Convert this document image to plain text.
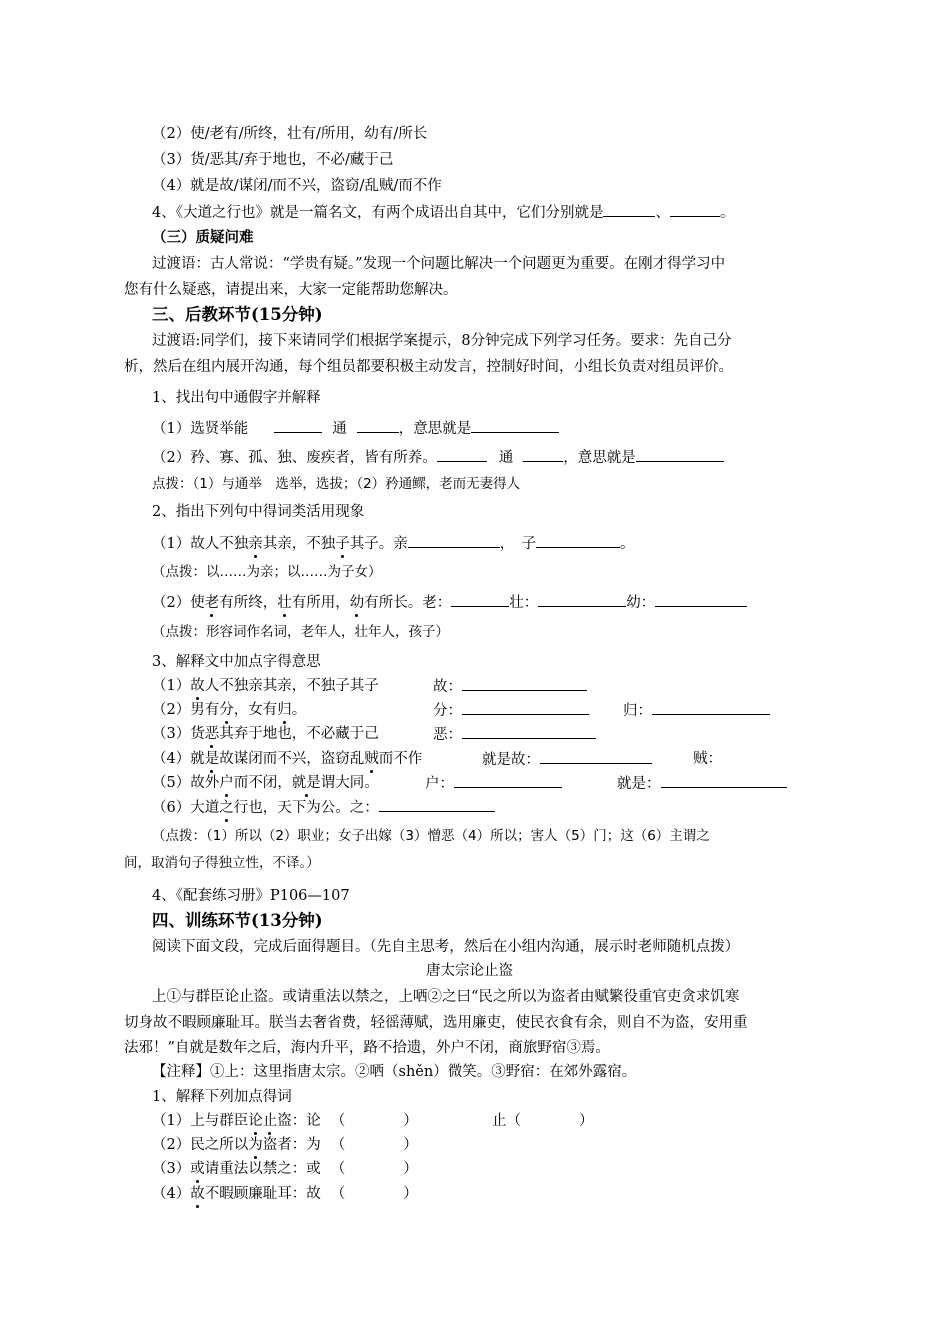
（2）使/老有/所终，壮有/所用，幼有/所长
（3）货/恶其/弃于地也，不必/藏于己
（4）就是故/谋闭/而不兴，盗窃/乱贼/而不作
4、《大道之行也》就是一篇名文，有两个成语出自其中，它们分别就是	、	。
（三）质疑问难
过渡语：古人常说：“学贵有疑。”发现一个问题比解决一个问题更为重要。在刚才得学习中
您有什么疑惑，请提出来，大家一定能帮助您解决。
三、后教环节(15分钟)
过渡语:同学们，接下来请同学们根据学案提示，8分钟完成下列学习任务。要求：先自己分
析，然后在组内展开沟通，每个组员都要积极主动发言，控制好时间，小组长负责对组员评价。
1、找出句中通假字并解释
（1）选贤举能	通	，意思就是
（2）矜、寡、孤、独、废疾者，皆有所养。	通	，意思就是
点拨：（1）与通举　选举，选拔；（2）矜通鳏，老而无妻得人
2、指出下列句中得词类活用现象
（1）故人不独亲其亲，不独子其子。亲	，　子	。
（点拨：以……为亲；以……为子女）
（2）使老有所终，壮有所用，幼有所长。老：	壮：	幼：
（点拨：形容词作名词，老年人，壮年人，孩子）
3、解释文中加点字得意思
（1）故人不独亲其亲，不独子其子	故：
（2）男有分，女有归。	分：	归：
（3）货恶其弃于地也，不必藏于己	恶：
（4）就是故谋闭而不兴，盗窃乱贼而不作	就是故：	贼：
（5）故外户而不闭，就是谓大同。	户：	就是：
（6）大道之行也，天下为公。之：
（点拨：（1）所以（2）职业；女子出嫁（3）憎恶（4）所以；害人（5）门；这（6）主谓之
间，取消句子得独立性，不译。）
4、《配套练习册》P106—107
四、训练环节(13分钟)
阅读下面文段，完成后面得题目。（先自主思考，然后在小组内沟通，展示时老师随机点拨）
唐太宗论止盗
上①与群臣论止盗。或请重法以禁之，上哂②之曰“民之所以为盗者由赋繁役重官吏贪求饥寒
切身故不暇顾廉耻耳。朕当去奢省费，轻徭薄赋，选用廉吏，使民衣食有余，则自不为盗，安用重
法邪！”自就是数年之后，海内升平，路不拾遗，外户不闭，商旅野宿③焉。
【注释】①上：这里指唐太宗。②哂（shěn）微笑。③野宿：在郊外露宿。
1、解释下列加点得词
（1）上与群臣论止盗：论 （	）	止（	）
（2）民之所以为盗者：为 （	）
（3）或请重法以禁之：或 （	）
（4）故不暇顾廉耻耳：故 （	）
